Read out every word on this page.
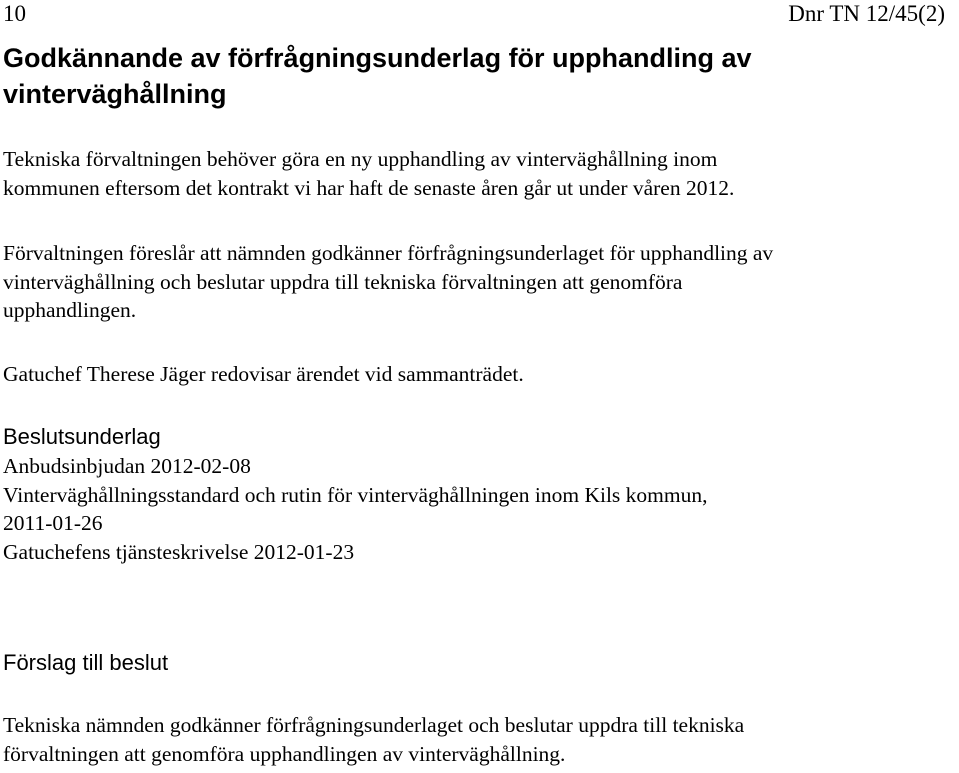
10	Dnr TN 12/45(2)

Godkännande av förfrågningsunderlag för upphandling av
vinterväghållning

Tekniska förvaltningen behöver göra en ny upphandling av vinterväghållning inom
kommunen eftersom det kontrakt vi har haft de senaste åren går ut under våren 2012.

Förvaltningen föreslår att nämnden godkänner förfrågningsunderlaget för upphandling av
vinterväghållning och beslutar uppdra till tekniska förvaltningen att genomföra
upphandlingen.

Gatuchef Therese Jäger redovisar ärendet vid sammanträdet.

Beslutsunderlag

Anbudsinbjudan 2012-02-08
Vinterväghållningsstandard och rutin för vinterväghållningen inom Kils kommun,
2011-01-26
Gatuchefens tjänsteskrivelse 2012-01-23

Förslag till beslut

Tekniska nämnden godkänner förfrågningsunderlaget och beslutar uppdra till tekniska
förvaltningen att genomföra upphandlingen av vinterväghållning.
